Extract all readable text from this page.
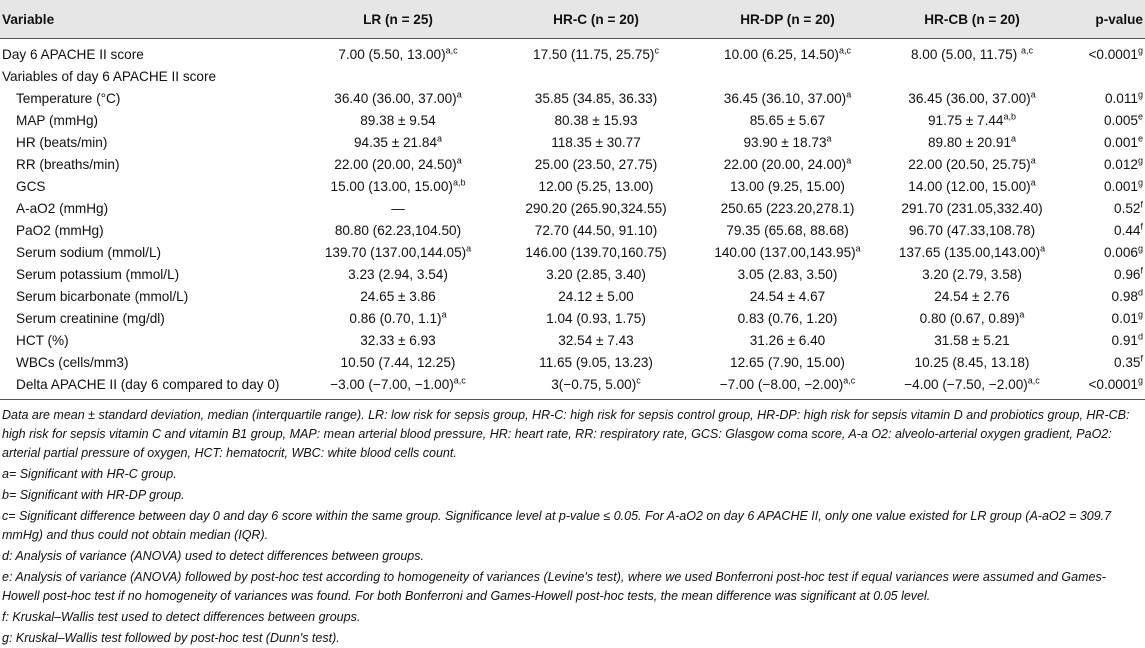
Variable	LR (n = 25)	HR-C (n = 20)	HR-DP (n = 20)	HR-CB (n = 20)	p-value
Day 6 APACHE II score	7.00 (5.50, 13.00)$^{a,c}$	17.50 (11.75, 25.75)$^c$	10.00 (6.25, 14.50)$^{a,c}$	8.00 (5.00, 11.75) $^{a,c}$	<0.0001$^g$
Variables of day 6 APACHE II score					
Temperature (°C)	36.40 (36.00, 37.00)$^a$	35.85 (34.85, 36.33)	36.45 (36.10, 37.00)$^a$	36.45 (36.00, 37.00)$^a$	0.011$^g$
MAP (mmHg)	89.38 ± 9.54	80.38 ± 15.93	85.65 ± 5.67	$91.75 \pm 7.44^{a,b}$	0.005e
HR (beats/min)	94.35 ± 21.84$^a$	118.35 ± 30.77	93.90 ± 18.73$^a$	89.80 ± 20.91$^a$	0.001e
RR (breaths/min)	22.00 (20.00, 24.50)$^a$	25.00 (23.50, 27.75)	22.00 (20.00, 24.00)$^a$	22.00 (20.50, 25.75)$^a$	0.012$^g$
GCS	15.00 (13.00, 15.00)$^{a,b}$	12.00 (5.25, 13.00)	13.00 (9.25, 15.00)	14.00 (12.00, 15.00)$^a$	0.001$^g$
A-aO2 (mmHg)	—	290.20 (265.90,324.55)	250.65 (223.20,278.1)	291.70 (231.05,332.40)	0.52$^f$
PaO2 (mmHg)	80.80 (62.23,104.50)	72.70 (44.50, 91.10)	79.35 (65.68, 88.68)	96.70 (47.33,108.78)	0.44$^f$
Serum sodium (mmol/L)	139.70 $(137.00,144.05)^a$	146.00 (139.70,160.75)	140.00 $(137.00,143.95)^a$	137.65 $(135.00,143.00)^a$	0.006$^g$
Serum potassium (mmol/L)	3.23 (2.94, 3.54)	3.20 (2.85, 3.40)	3.05 (2.83, 3.50)	3.20 (2.79, 3.58)	0.96$^f$
Serum bicarbonate (mmol/L)	24.65 ± 3.86	24.12 ± 5.00	24.54 ± 4.67	24.54 ± 2.76	0.98$^d$
Serum creatinine (mg/dl)	0.86 (0.70, 1.1)$^a$	1.04 (0.93, 1.75)	0.83 (0.76, 1.20)	0.80 (0.67, 0.89)$^a$	0.01$^g$
HCT (%)	32.33 ± 6.93	32.54 ± 7.43	31.26 ± 6.40	31.58 ± 5.21	0.91$^d$
WBCs (cells/mm3)	10.50 (7.44, 12.25)	11.65 (9.05, 13.23)	12.65 (7.90, 15.00)	10.25 (8.45, 13.18)	0.35$^f$
Delta APACHE II (day 6 compared to day 0)	−3.00 (−7.00, −1.00)$^{a,c}$	3(−0.75, 5.00)$^c$	−7.00 (−8.00, −2.00)$^{a,c}$	−4.00 (−7.50, −2.00)$^{a,c}$	<0.0001$^g$

Data are mean ± standard deviation, median (interquartile range). LR: low risk for sepsis group, HR-C: high risk for sepsis control group, HR-DP: high risk for sepsis vitamin D and probiotics group, HR-CB: high risk for sepsis vitamin C and vitamin B1 group, MAP: mean arterial blood pressure, HR: heart rate, RR: respiratory rate, GCS: Glasgow coma score, A-a O2: alveolo-arterial oxygen gradient, PaO2: arterial partial pressure of oxygen, HCT: hematocrit, WBC: white blood cells count.

a= Significant with HR-C group.

b= Significant with HR-DP group.

c= Significant difference between day 0 and day 6 score within the same group. Significance level at p-value ≤ 0.05. For A-aO2 on day 6 APACHE II, only one value existed for LR group (A-aO2 = 309.7 mmHg) and thus could not obtain median (IQR).

d: Analysis of variance (ANOVA) used to detect differences between groups.

e: Analysis of variance (ANOVA) followed by post-hoc test according to homogeneity of variances (Levine's test), where we used Bonferroni post-hoc test if equal variances were assumed and Games-Howell post-hoc test if no homogeneity of variances was found. For both Bonferroni and Games-Howell post-hoc tests, the mean difference was significant at 0.05 level.

f: Kruskal–Wallis test used to detect differences between groups.

g: Kruskal–Wallis test followed by post-hoc test (Dunn's test).
